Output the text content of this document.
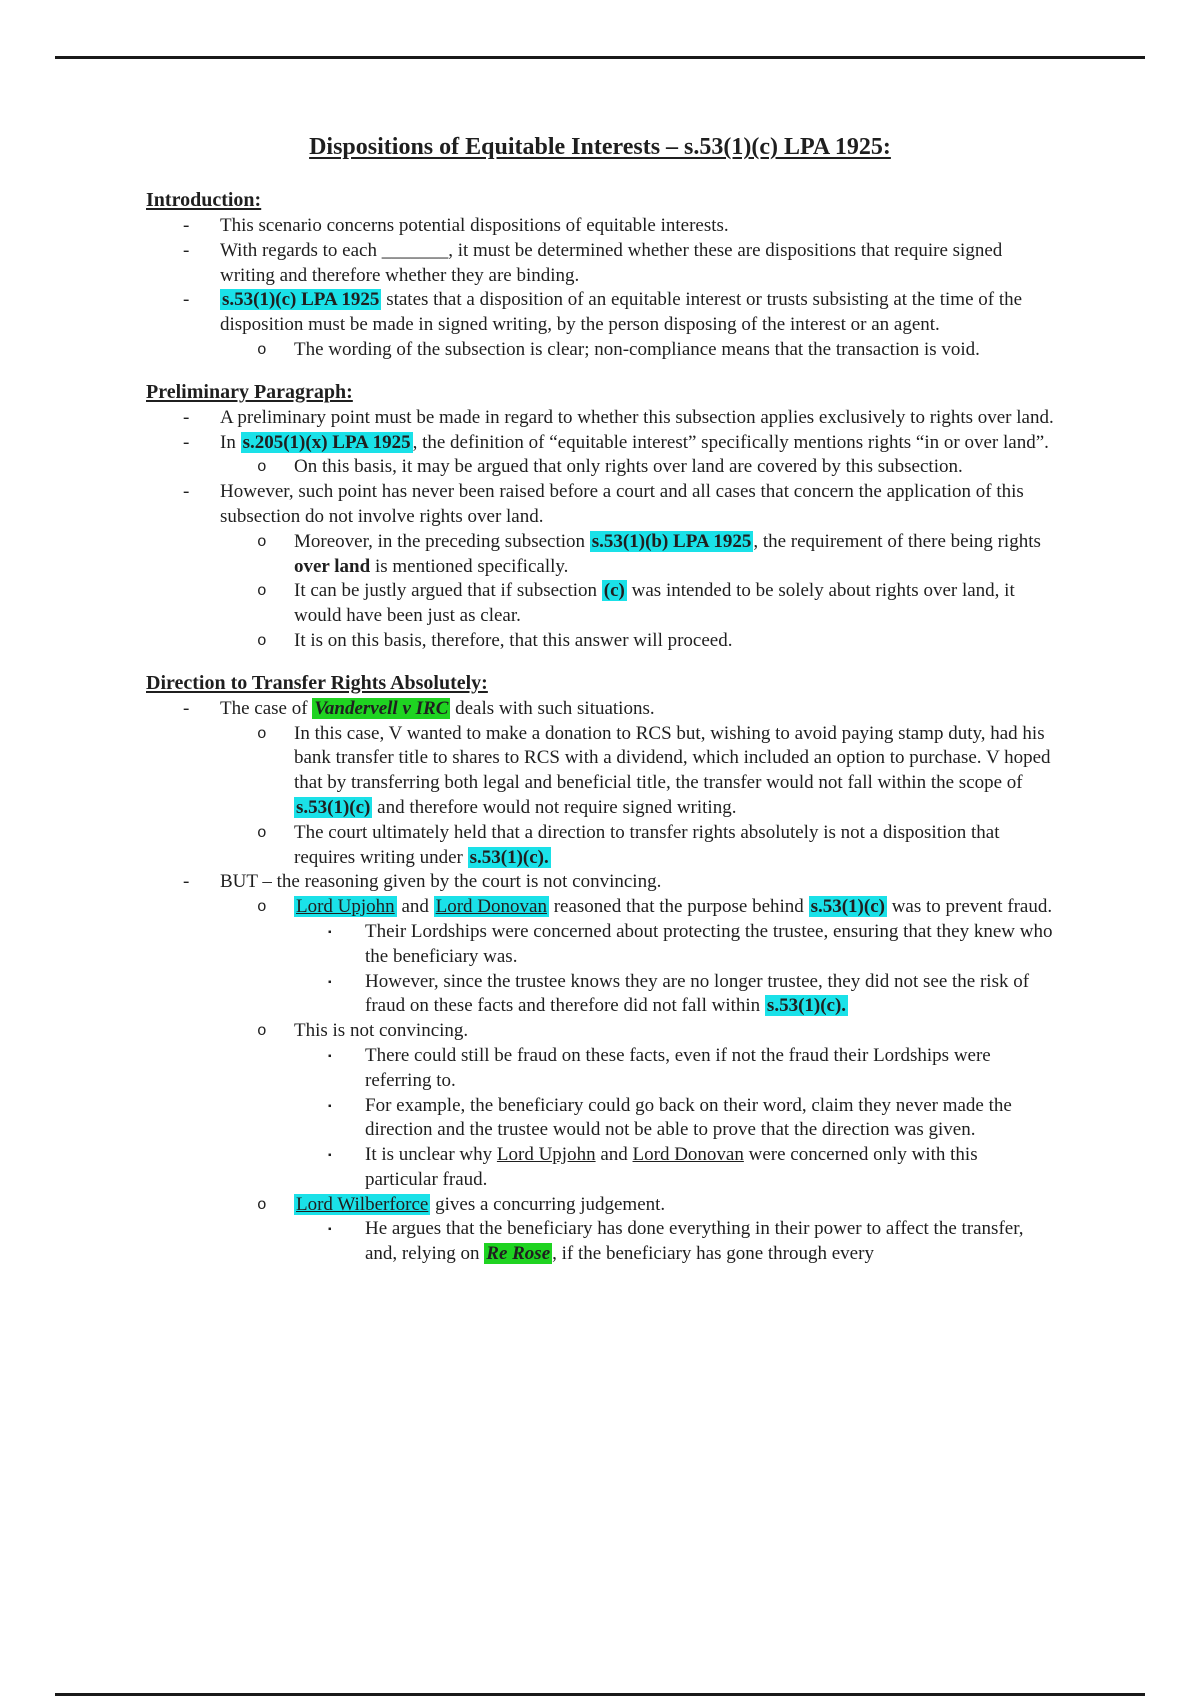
Dispositions of Equitable Interests – s.53(1)(c) LPA 1925:
Introduction:
- This scenario concerns potential dispositions of equitable interests.
- With regards to each _______, it must be determined whether these are dispositions that require signed writing and therefore whether they are binding.
- s.53(1)(c) LPA 1925 states that a disposition of an equitable interest or trusts subsisting at the time of the disposition must be made in signed writing, by the person disposing of the interest or an agent.
o The wording of the subsection is clear; non-compliance means that the transaction is void.
Preliminary Paragraph:
- A preliminary point must be made in regard to whether this subsection applies exclusively to rights over land.
- In s.205(1)(x) LPA 1925 , the definition of “equitable interest” specifically mentions rights “in or over land”.
o On this basis, it may be argued that only rights over land are covered by this subsection.
- However, such point has never been raised before a court and all cases that concern the application of this subsection do not involve rights over land.
o Moreover, in the preceding subsection s.53(1)(b) LPA 1925 , the requirement of there being rights over land is mentioned specifically.
o It can be justly argued that if subsection (c) was intended to be solely about rights over land, it would have been just as clear.
o It is on this basis, therefore, that this answer will proceed.
Direction to Transfer Rights Absolutely:
- The case of Vandervell v IRC deals with such situations.
o In this case, V wanted to make a donation to RCS but, wishing to avoid paying stamp duty, had his bank transfer title to shares to RCS with a dividend, which included an option to purchase. V hoped that by transferring both legal and beneficial title, the transfer would not fall within the scope of s.53(1)(c) and therefore would not require signed writing.
o The court ultimately held that a direction to transfer rights absolutely is not a disposition that requires writing under s.53(1)(c).
- BUT – the reasoning given by the court is not convincing.
o Lord Upjohn and Lord Donovan reasoned that the purpose behind s.53(1)(c) was to prevent fraud.
▪ Their Lordships were concerned about protecting the trustee, ensuring that they knew who the beneficiary was.
▪ However, since the trustee knows they are no longer trustee, they did not see the risk of fraud on these facts and therefore did not fall within s.53(1)(c).
o This is not convincing.
▪ There could still be fraud on these facts, even if not the fraud their Lordships were referring to.
▪ For example, the beneficiary could go back on their word, claim they never made the direction and the trustee would not be able to prove that the direction was given.
▪ It is unclear why Lord Upjohn and Lord Donovan were concerned only with this particular fraud.
o Lord Wilberforce gives a concurring judgement.
▪ He argues that the beneficiary has done everything in their power to affect the transfer, and, relying on Re Rose , if the beneficiary has gone through every
